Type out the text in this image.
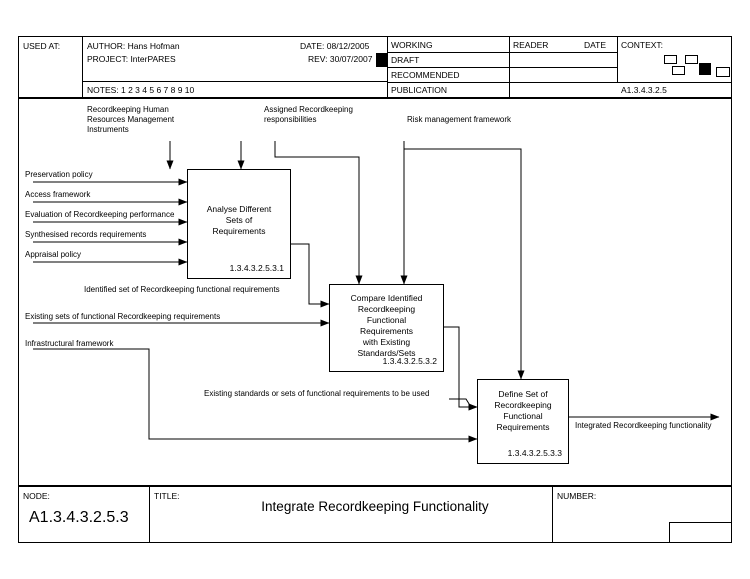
USED AT:	AUTHOR: Hans Hofman
PROJECT: InterPARES
NOTES: 1 2 3 4 5 6 7 8 9 10
DATE: 08/12/2005
REV: 30/07/2007
WORKING
DRAFT
RECOMMENDED
PUBLICATION
READER	DATE CONTEXT:
A1.3.4.3.2.5
Recordkeeping Human
Resources Management
Instruments
Assigned Recordkeeping
responsibilities	Risk management framework
Preservation policy
Access framework
Evaluation of Recordkeeping performance
Synthesised records requirements
Appraisal policy
Existing sets of functional Recordkeeping requirements
Infrastructural framework
Identified set of Recordkeeping functional requirements
Existing standards or sets of functional requirements to be used
Integrated Recordkeeping functionality
Analyse Different
Sets of
Requirements
1.3.4.3.2.5.3.1
Compare Identified
Recordkeeping
Functional
Requirements
with Existing
Standards/Sets
1.3.4.3.2.5.3.2
Define Set of
Recordkeeping
Functional
Requirements
1.3.4.3.2.5.3.3
NODE:
A1.3.4.3.2.5.3
TITLE:
Integrate Recordkeeping Functionality
NUMBER:
